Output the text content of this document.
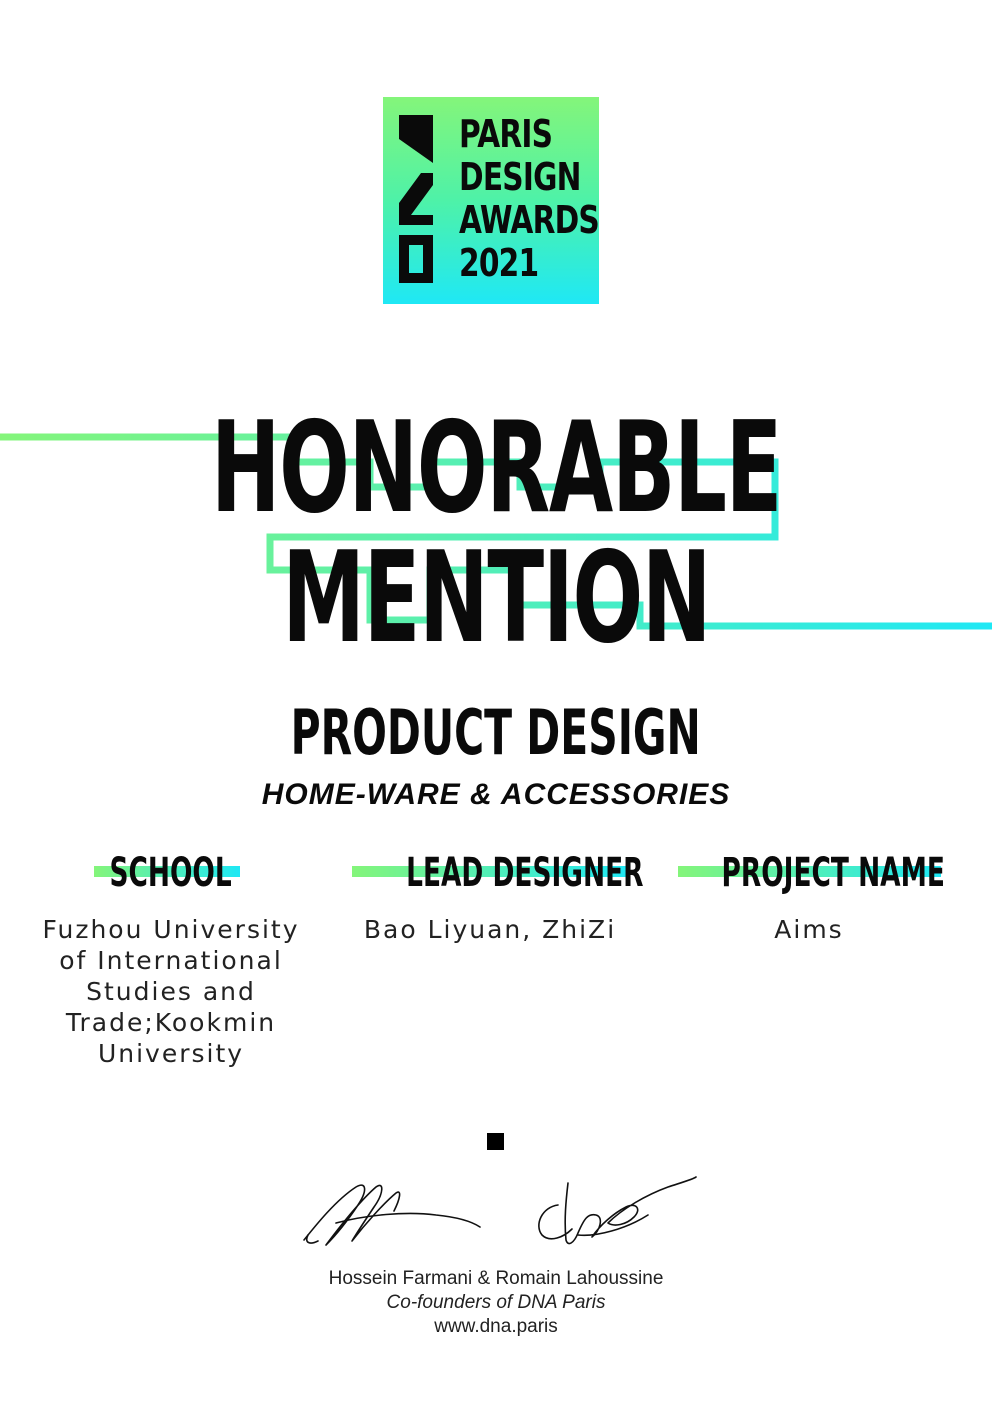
PARIS
DESIGN
AWARDS
2021
HONORABLE
MENTION
PRODUCT DESIGN
HOME-WARE & ACCESSORIES
SCHOOL
Fuzhou University of International Studies and Trade;Kookmin University
LEAD DESIGNER
Bao Liyuan, ZhiZi
PROJECT NAME
Aims
Hossein Farmani & Romain Lahoussine
Co-founders of DNA Paris
www.dna.paris
